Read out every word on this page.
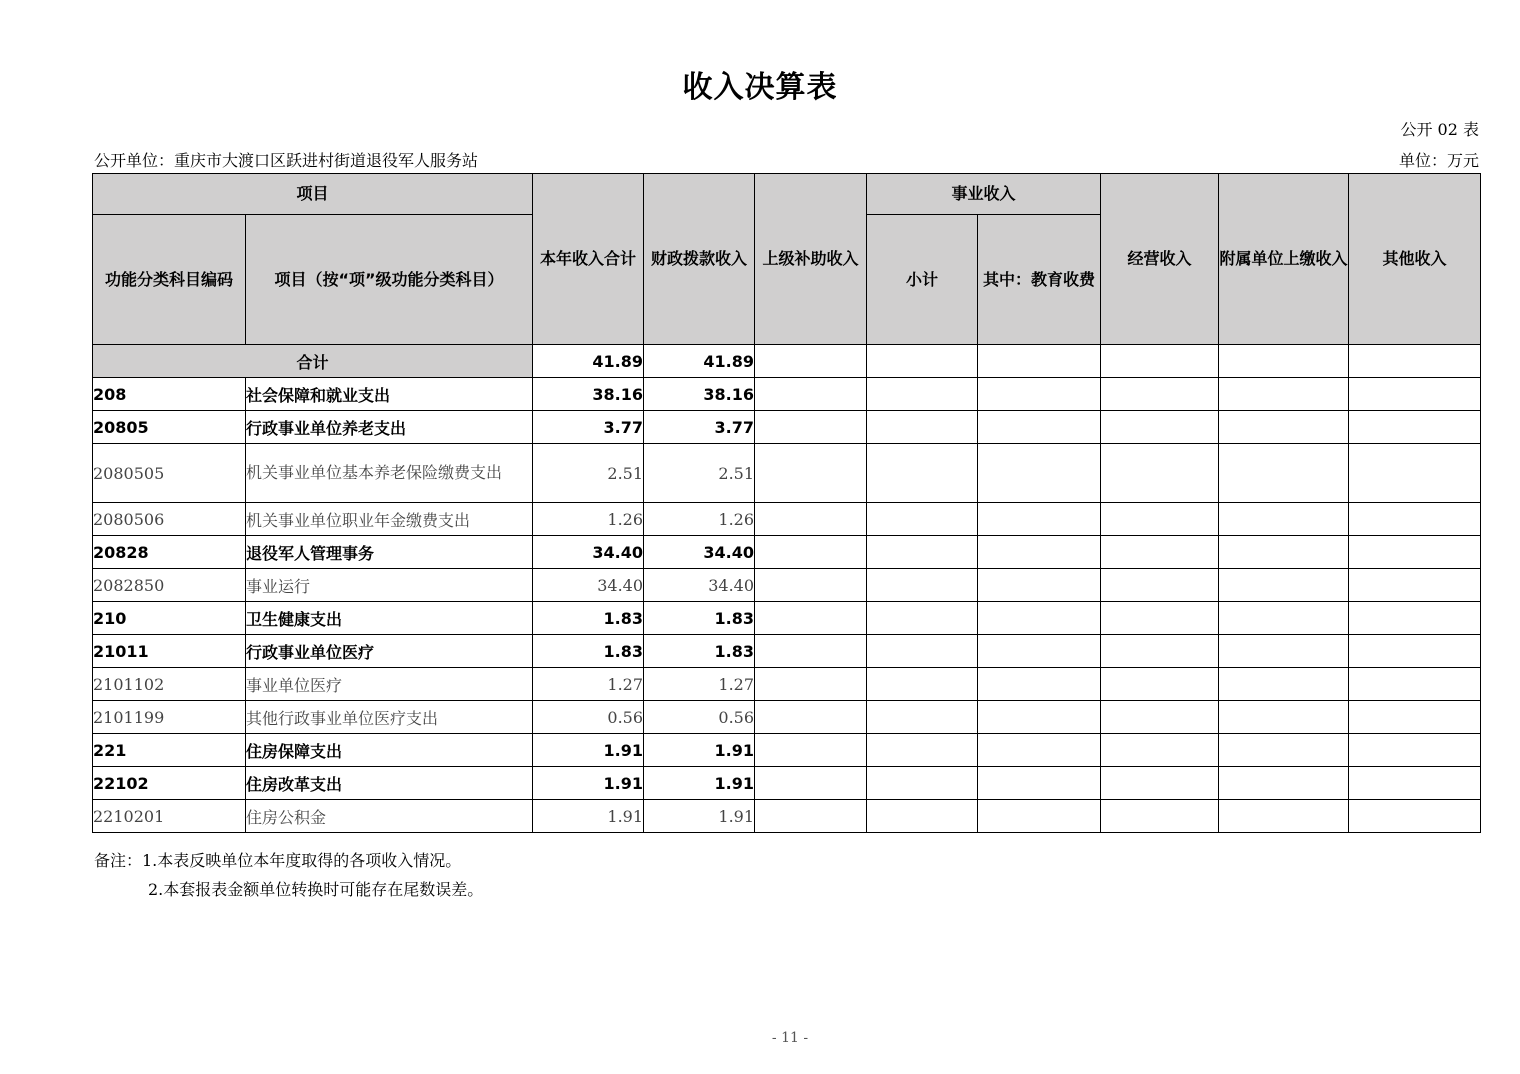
收入决算表
公开 02 表
公开单位：重庆市大渡口区跃进村街道退役军人服务站	单位：万元
项目		本年收入合计	财政拨款收入	上级补助收入	事业收入		经营收入	附属单位上缴收入	其他收入
功能分类科目编码	项目（按“项”级功能分类科目）				小计	其中：教育收费			
合计		41.89	41.89						
208	社会保障和就业支出	38.16	38.16						
20805	行政事业单位养老支出	3.77	3.77						
2080505	机关事业单位基本养老保险缴费支出	2.51	2.51						
2080506	机关事业单位职业年金缴费支出	1.26	1.26						
20828	退役军人管理事务	34.40	34.40						
2082850	事业运行	34.40	34.40						
210	卫生健康支出	1.83	1.83						
21011	行政事业单位医疗	1.83	1.83						
2101102	事业单位医疗	1.27	1.27						
2101199	其他行政事业单位医疗支出	0.56	0.56						
221	住房保障支出	1.91	1.91						
22102	住房改革支出	1.91	1.91						
2210201	住房公积金	1.91	1.91						
备注：1.本表反映单位本年度取得的各项收入情况。
2.本套报表金额单位转换时可能存在尾数误差。
- 11 -
